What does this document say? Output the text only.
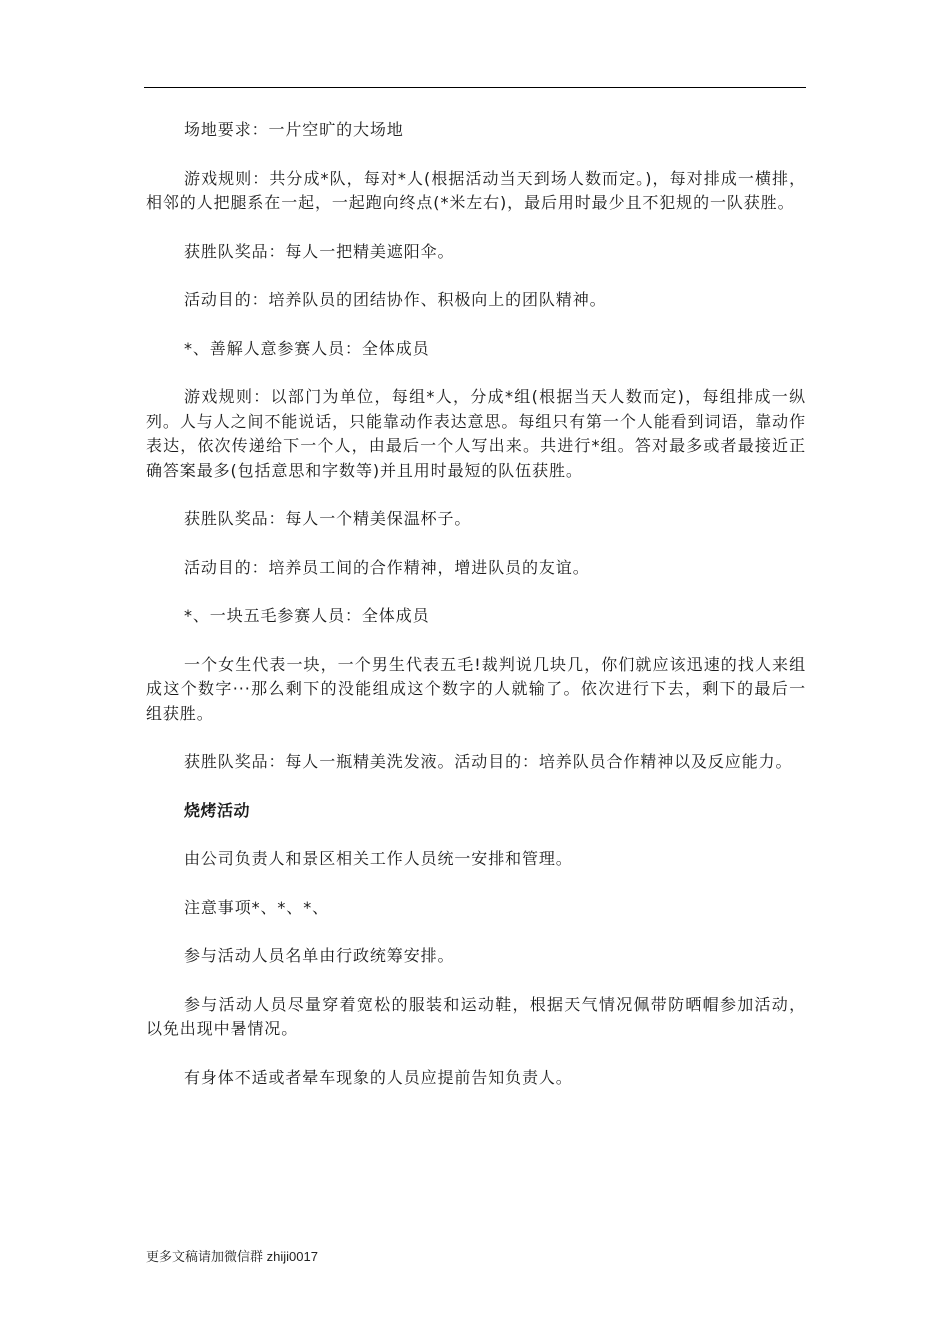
场地要求：一片空旷的大场地

游戏规则：共分成*队，每对*人(根据活动当天到场人数而定。)，每对排成一横排，相邻的人把腿系在一起，一起跑向终点(*米左右)，最后用时最少且不犯规的一队获胜。

获胜队奖品：每人一把精美遮阳伞。

活动目的：培养队员的团结协作、积极向上的团队精神。

*、善解人意参赛人员：全体成员

游戏规则：以部门为单位，每组*人，分成*组(根据当天人数而定)，每组排成一纵列。人与人之间不能说话，只能靠动作表达意思。每组只有第一个人能看到词语，靠动作表达，依次传递给下一个人，由最后一个人写出来。共进行*组。答对最多或者最接近正确答案最多(包括意思和字数等)并且用时最短的队伍获胜。

获胜队奖品：每人一个精美保温杯子。

活动目的：培养员工间的合作精神，增进队员的友谊。

*、一块五毛参赛人员：全体成员

一个女生代表一块，一个男生代表五毛!裁判说几块几，你们就应该迅速的找人来组成这个数字···那么剩下的没能组成这个数字的人就输了。依次进行下去，剩下的最后一组获胜。

获胜队奖品：每人一瓶精美洗发液。活动目的：培养队员合作精神以及反应能力。

烧烤活动

由公司负责人和景区相关工作人员统一安排和管理。

注意事项*、*、*、

参与活动人员名单由行政统筹安排。

参与活动人员尽量穿着宽松的服装和运动鞋，根据天气情况佩带防晒帽参加活动，以免出现中暑情况。

有身体不适或者晕车现象的人员应提前告知负责人。

更多文稿请加微信群 zhiji0017
